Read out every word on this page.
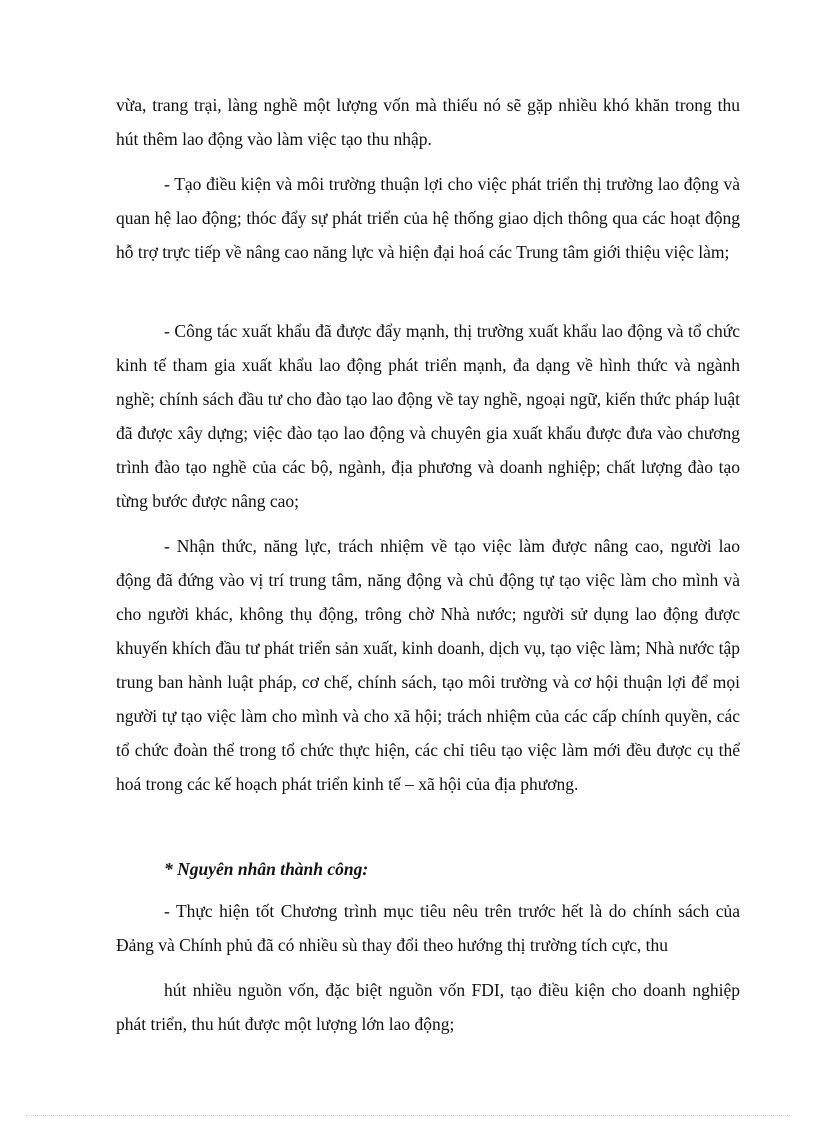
vừa, trang trại, làng nghề một lượng vốn mà thiếu nó sẽ gặp nhiều khó khăn trong thu hút thêm lao động vào làm việc tạo thu nhập.

- Tạo điều kiện và môi trường thuận lợi cho việc phát triển thị trường lao động và quan hệ lao động; thóc đẩy sự phát triển của hệ thống giao dịch thông qua các hoạt động hỗ trợ trực tiếp về nâng cao năng lực và hiện đại hoá các Trung tâm giới thiệu việc làm;

- Công tác xuất khẩu đã được đẩy mạnh, thị trường xuất khẩu lao động và tổ chức kinh tế tham gia xuất khẩu lao động phát triển mạnh, đa dạng về hình thức và ngành nghề; chính sách đầu tư cho đào tạo lao động về tay nghề, ngoại ngữ, kiến thức pháp luật đã được xây dựng; việc đào tạo lao động và chuyên gia xuất khẩu được đưa vào chương trình đào tạo nghề của các bộ, ngành, địa phương và doanh nghiệp; chất lượng đào tạo từng bước được nâng cao;

- Nhận thức, năng lực, trách nhiệm về tạo việc làm được nâng cao, người lao động đã đứng vào vị trí trung tâm, năng động và chủ động tự tạo việc làm cho mình và cho người khác, không thụ động, trông chờ Nhà nước; người sử dụng lao động được khuyến khích đầu tư phát triển sản xuất, kinh doanh, dịch vụ, tạo việc làm; Nhà nước tập trung ban hành luật pháp, cơ chế, chính sách, tạo môi trường và cơ hội thuận lợi để mọi người tự tạo việc làm cho mình và cho xã hội; trách nhiệm của các cấp chính quyền, các tổ chức đoàn thể trong tổ chức thực hiện, các chỉ tiêu tạo việc làm mới đều được cụ thể hoá trong các kế hoạch phát triển kinh tế – xã hội của địa phương.

* Nguyên nhân thành công:

- Thực hiện tốt Chương trình mục tiêu nêu trên trước hết là do chính sách của Đảng và Chính phủ đã có nhiều sù thay đổi theo hướng thị trường tích cực, thu

hút nhiều nguồn vốn, đặc biệt nguồn vốn FDI, tạo điều kiện cho doanh nghiệp phát triển, thu hút được một lượng lớn lao động;
